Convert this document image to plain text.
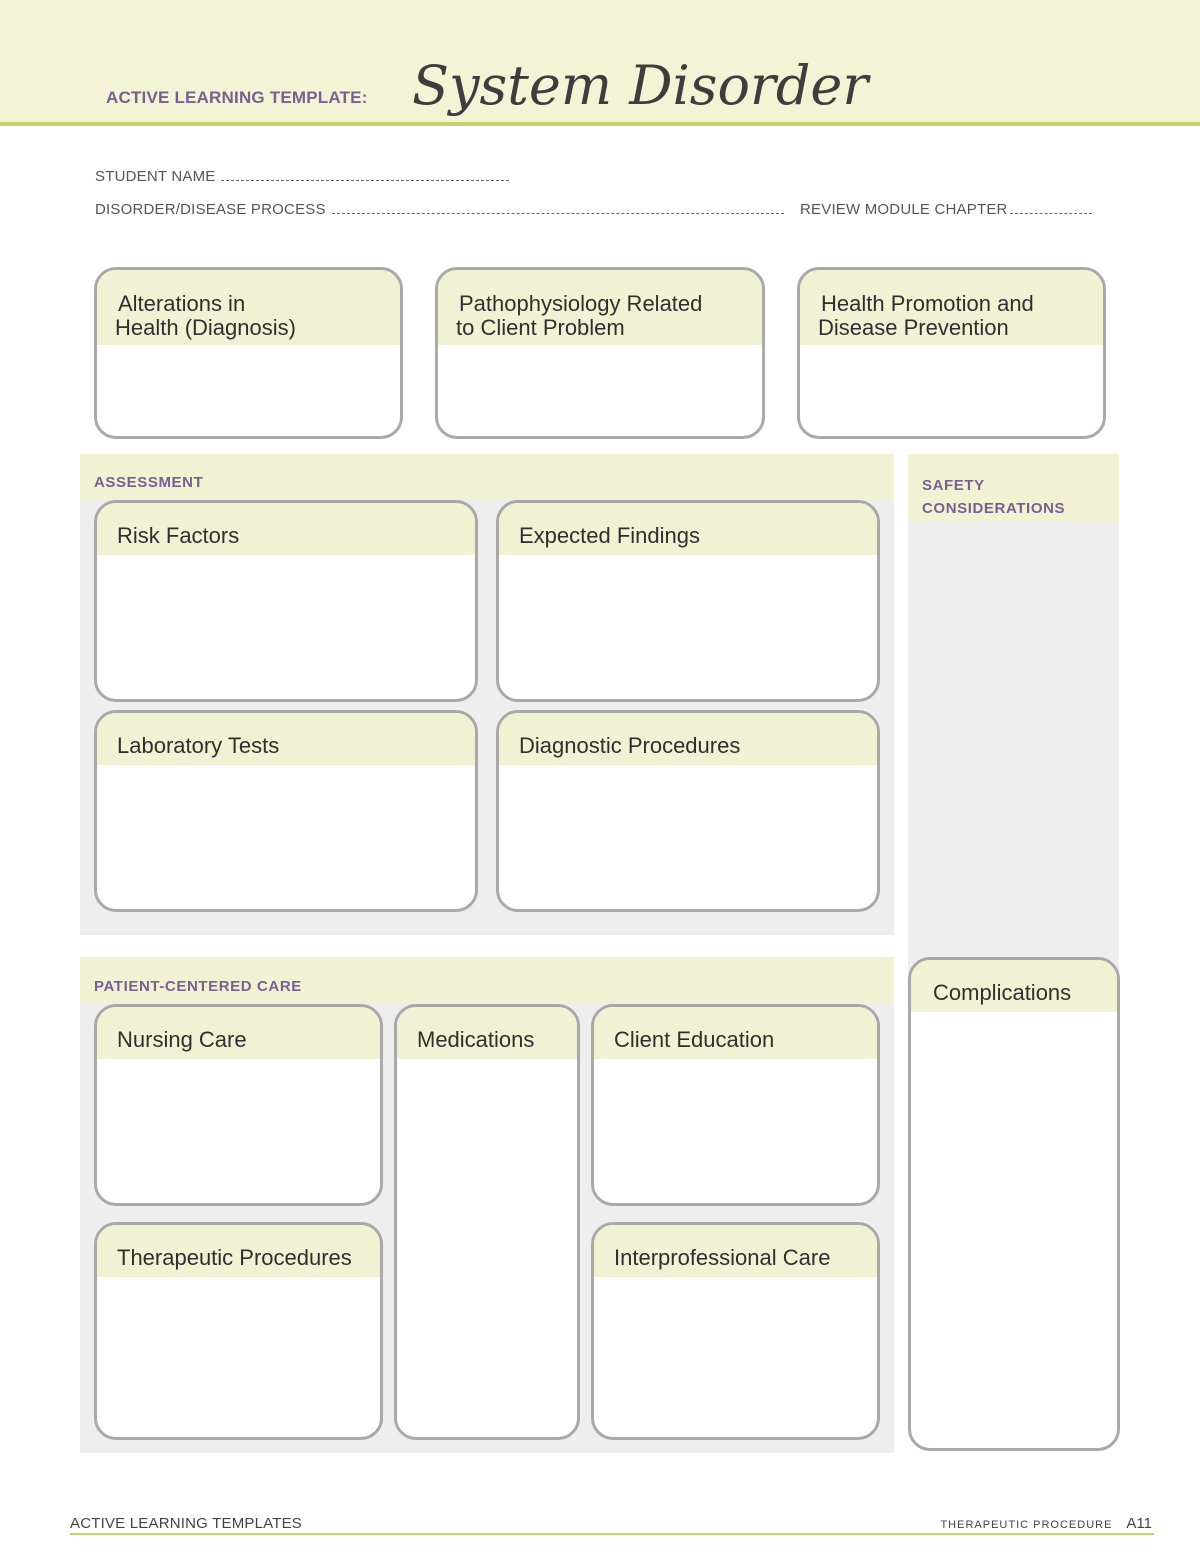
ACTIVE LEARNING TEMPLATE: System Disorder
STUDENT NAME
DISORDER/DISEASE PROCESS	REVIEW MODULE CHAPTER
Alterations in
Health (Diagnosis)
Pathophysiology Related
to Client Problem
Health Promotion and
Disease Prevention
ASSESSMENT
Risk Factors	Expected Findings
Laboratory Tests	Diagnostic Procedures
SAFETY
CONSIDERATIONS
Complications
PATIENT-CENTERED CARE
Nursing Care	Medications	Client Education
Therapeutic Procedures	Interprofessional Care
ACTIVE LEARNING TEMPLATES	THERAPEUTIC PROCEDURE A11
